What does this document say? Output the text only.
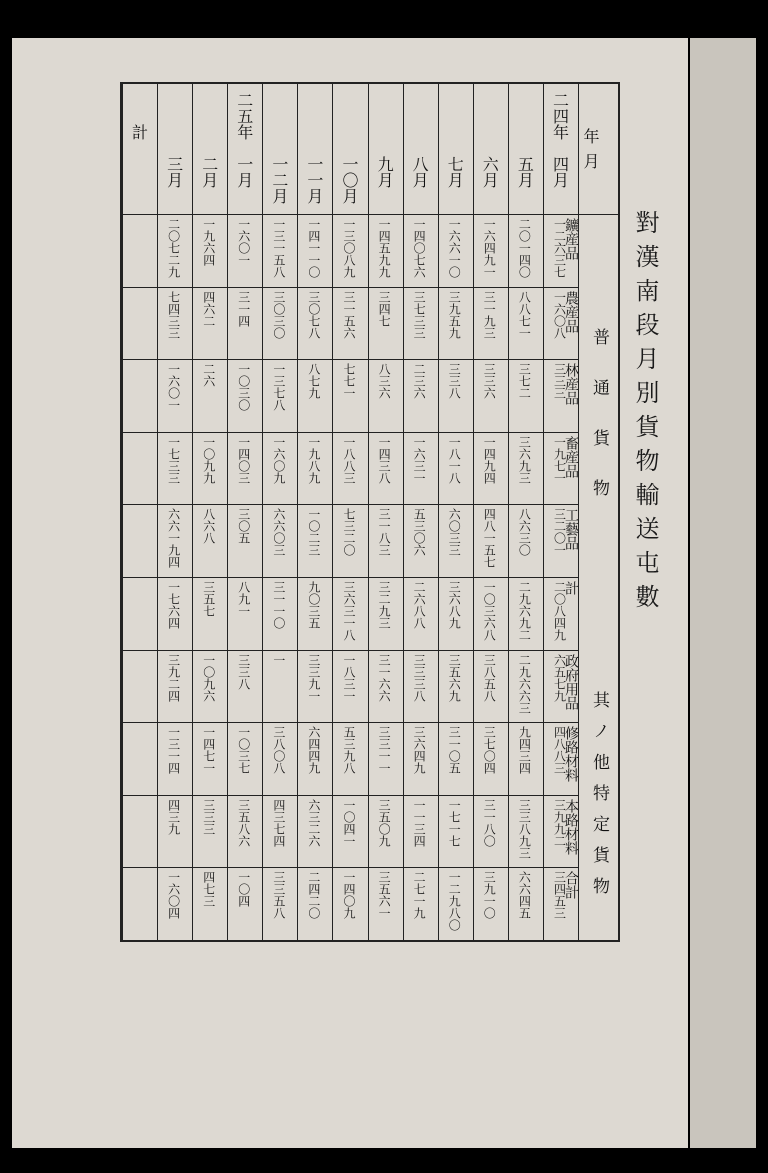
對漢南段月別貨物輸送屯數
年 月
普 通 貨 物
其ノ他特定貨物
鑛産品
農産品
林産品
畜産品
工藝品
計
政府用品
修路材料
本路材料
合計
二四年
四月
一二六三七
一六〇八
三三三
一九七一
三二〇一
二〇八四九
六五七九
四八八三
三九九二
三四五三
五月
二〇一四〇
八八七一
三七二
三六九三
八六三〇
二九六九二
二九六六三
九四三四
三三八九三
六六四五
六月
一六四九一
三一九三
三三六
一四九四
四八一五七
一〇三六八
三八五八
三七〇四
三一八〇
三九一〇
七月
一六六一〇
三九五九
三三八
一八一八
六〇三三
三六八九
三五六九
三一〇五
一七一七
一二九八〇
八月
一四〇七六
三七三三
二三六
一六三一
五三〇六
二六八八
三三三八
三六四九
一一三四
二七一九
九月
一四五九九
三四七
八三六
一四三八
三一八三
三二九三
三一六六
三三一一
三五〇九
三五六一
一〇月
一三〇八九
三一五六
七七一
一八八三
七三二〇
三六三一八
一八三一
五三九八
一〇四一
一四〇九
一一月
一四一一〇
三〇七八
八七九
一九八九
一〇二三
九〇三五
三三九一
六四四九
六三二六
二四二〇
一二月
一三一五八
三〇三〇
一三七八
一六〇九
六六〇三
三一一〇
一
三八〇八
四三七四
三三五八
二五年
一月
一六〇一
三一四
一〇三〇
一四〇三
三〇五
八九一
三三八
一〇三七
三五八六
一〇四
二月
一九六四
四六二
二六
一〇九九
八六八
三五七
一〇九六
一四七一
三三三
四七三
三月
二〇七二九
七四三三
一六〇一
一七三三
六六一九四
一七六四
三九二四
一三一四
四三九
一六〇四
計
